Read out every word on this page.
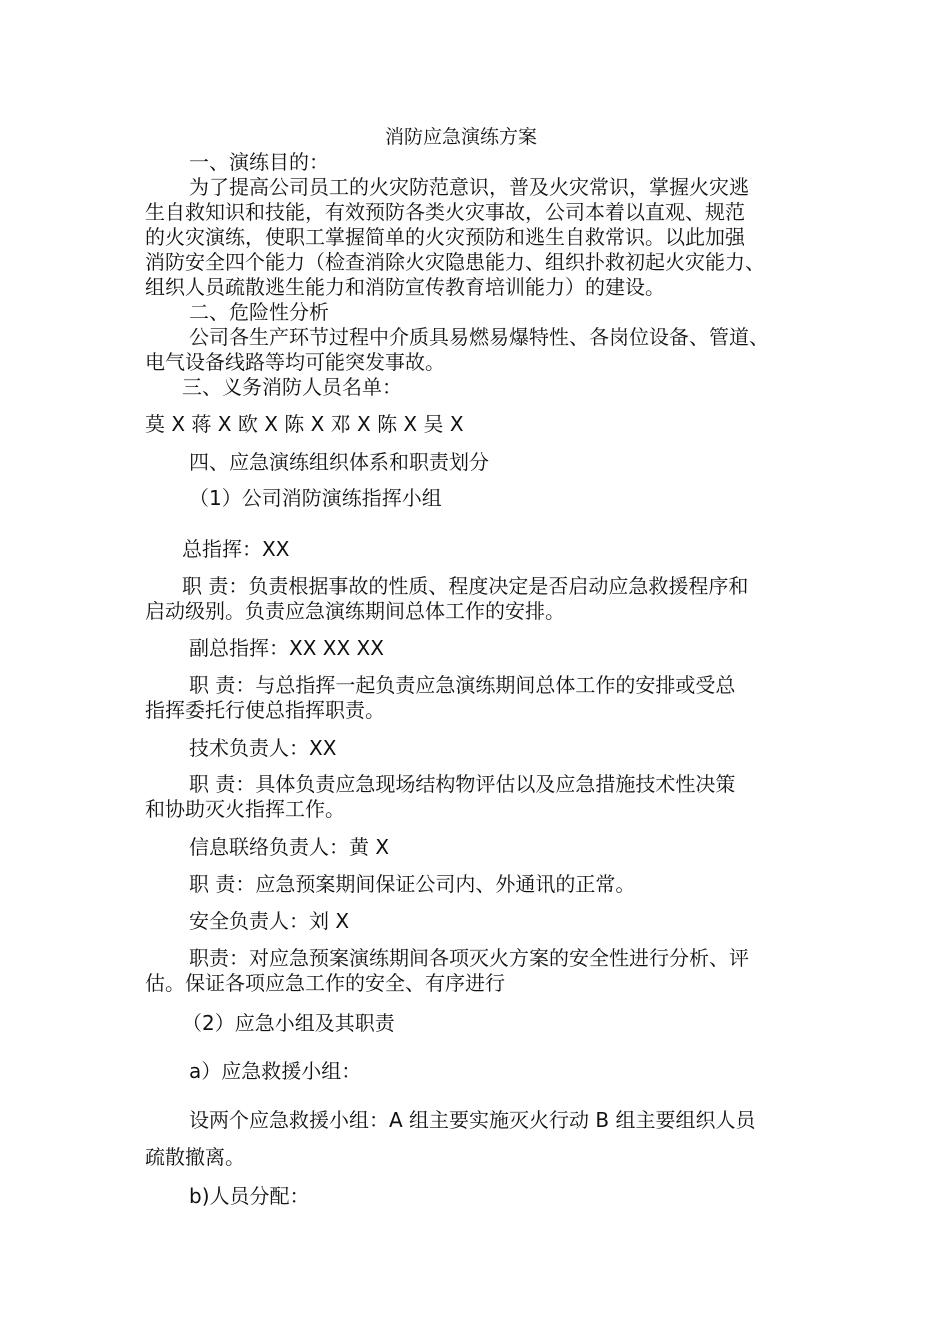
消防应急演练方案
一、演练目的：
为了提高公司员工的火灾防范意识，普及火灾常识，掌握火灾逃
生自救知识和技能，有效预防各类火灾事故，公司本着以直观、规范
的火灾演练，使职工掌握简单的火灾预防和逃生自救常识。以此加强
消防安全四个能力（检查消除火灾隐患能力、组织扑救初起火灾能力、
组织人员疏散逃生能力和消防宣传教育培训能力）的建设。
二、危险性分析
公司各生产环节过程中介质具易燃易爆特性、各岗位设备、管道、
电气设备线路等均可能突发事故。
三、义务消防人员名单：
莫 X 蒋 X 欧 X 陈 X 邓 X 陈 X 吴 X
四、应急演练组织体系和职责划分
（1）公司消防演练指挥小组
总指挥：XX
职 责：负责根据事故的性质、程度决定是否启动应急救援程序和
启动级别。负责应急演练期间总体工作的安排。
副总指挥：XX XX XX
职 责：与总指挥一起负责应急演练期间总体工作的安排或受总
指挥委托行使总指挥职责。
技术负责人：XX
职 责：具体负责应急现场结构物评估以及应急措施技术性决策
和协助灭火指挥工作。
信息联络负责人：黄 X
职 责：应急预案期间保证公司内、外通讯的正常。
安全负责人：刘 X
职责：对应急预案演练期间各项灭火方案的安全性进行分析、评
估。保证各项应急工作的安全、有序进行
（2）应急小组及其职责
a）应急救援小组：
设两个应急救援小组：A 组主要实施灭火行动 B 组主要组织人员
疏散撤离。
b)人员分配：
